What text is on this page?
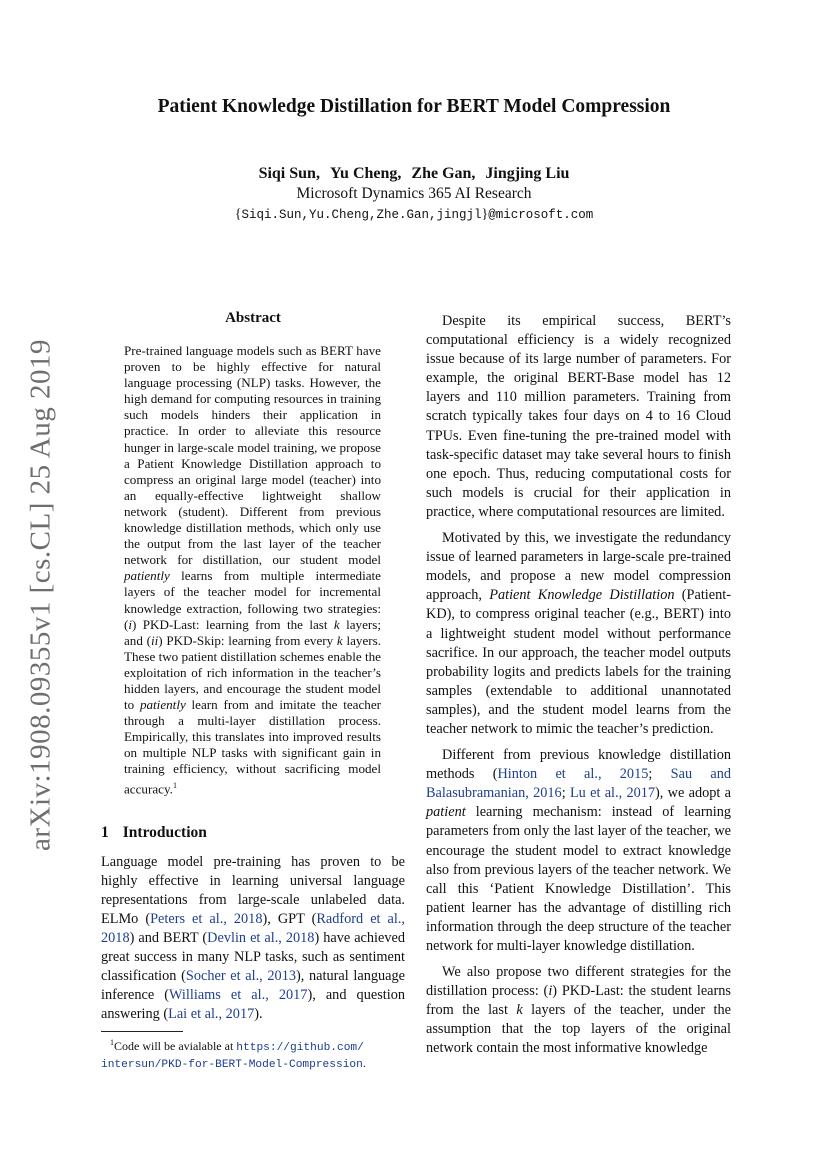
arXiv:1908.09355v1 [cs.CL] 25 Aug 2019
Patient Knowledge Distillation for BERT Model Compression
Siqi Sun, Yu Cheng, Zhe Gan, Jingjing Liu
Microsoft Dynamics 365 AI Research
{Siqi.Sun,Yu.Cheng,Zhe.Gan,jingjl}@microsoft.com
Abstract
Pre-trained language models such as BERT have proven to be highly effective for natural language processing (NLP) tasks. However, the high demand for computing resources in training such models hinders their application in practice. In order to alleviate this resource hunger in large-scale model training, we propose a Patient Knowledge Distillation approach to compress an original large model (teacher) into an equally-effective lightweight shallow network (student). Different from previous knowledge distillation methods, which only use the output from the last layer of the teacher network for distillation, our student model patiently learns from multiple intermediate layers of the teacher model for incremental knowledge extraction, following two strategies: (i) PKD-Last: learning from the last k layers; and (ii) PKD-Skip: learning from every k layers. These two patient distillation schemes enable the exploitation of rich information in the teacher’s hidden layers, and encourage the student model to patiently learn from and imitate the teacher through a multi-layer distillation process. Empirically, this translates into improved results on multiple NLP tasks with significant gain in training efficiency, without sacrificing model accuracy.$^1$
1 Introduction
Language model pre-training has proven to be highly effective in learning universal language representations from large-scale unlabeled data. ELMo (Peters et al., 2018), GPT (Radford et al., 2018) and BERT (Devlin et al., 2018) have achieved great success in many NLP tasks, such as sentiment classification (Socher et al., 2013), natural language inference (Williams et al., 2017), and question answering (Lai et al., 2017).
$^1$Code will be avialable at https://github.com/
intersun/PKD-for-BERT-Model-Compression.

Despite its empirical success, BERT’s computational efficiency is a widely recognized issue because of its large number of parameters. For example, the original BERT-Base model has 12 layers and 110 million parameters. Training from scratch typically takes four days on 4 to 16 Cloud TPUs. Even fine-tuning the pre-trained model with task-specific dataset may take several hours to finish one epoch. Thus, reducing computational costs for such models is crucial for their application in practice, where computational resources are limited.

Motivated by this, we investigate the redundancy issue of learned parameters in large-scale pre-trained models, and propose a new model compression approach, Patient Knowledge Distillation (Patient-KD), to compress original teacher (e.g., BERT) into a lightweight student model without performance sacrifice. In our approach, the teacher model outputs probability logits and predicts labels for the training samples (extendable to additional unannotated samples), and the student model learns from the teacher network to mimic the teacher’s prediction.

Different from previous knowledge distillation methods (Hinton et al., 2015; Sau and Balasubramanian, 2016; Lu et al., 2017), we adopt a patient learning mechanism: instead of learning parameters from only the last layer of the teacher, we encourage the student model to extract knowledge also from previous layers of the teacher network. We call this ‘Patient Knowledge Distillation’. This patient learner has the advantage of distilling rich information through the deep structure of the teacher network for multi-layer knowledge distillation.

We also propose two different strategies for the distillation process: (i) PKD-Last: the student learns from the last k layers of the teacher, under the assumption that the top layers of the original network contain the most informative knowledge
